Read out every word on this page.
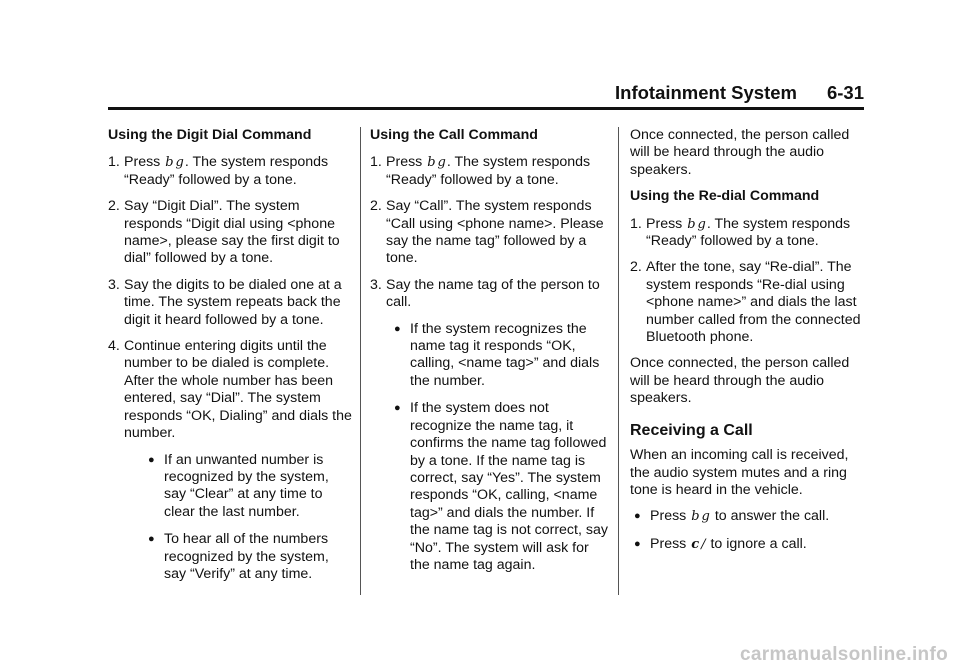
Infotainment System 6-31
Using the Digit Dial Command
1. Press b g. The system responds “Ready” followed by a tone.
2. Say “Digit Dial”. The system responds “Digit dial using <phone name>, please say the first digit to dial” followed by a tone.
3. Say the digits to be dialed one at a time. The system repeats back the digit it heard followed by a tone.
4. Continue entering digits until the number to be dialed is complete. After the whole number has been entered, say “Dial”. The system responds “OK, Dialing” and dials the number.
● If an unwanted number is recognized by the system, say “Clear” at any time to clear the last number.
● To hear all of the numbers recognized by the system, say “Verify” at any time.
Using the Call Command
1. Press b g. The system responds “Ready” followed by a tone.
2. Say “Call”. The system responds “Call using <phone name>. Please say the name tag” followed by a tone.
3. Say the name tag of the person to call.
● If the system recognizes the name tag it responds “OK, calling, <name tag>” and dials the number.
● If the system does not recognize the name tag, it confirms the name tag followed by a tone. If the name tag is correct, say “Yes”. The system responds “OK, calling, <name tag>” and dials the number. If the name tag is not correct, say “No”. The system will ask for the name tag again.

Once connected, the person called will be heard through the audio speakers.

Using the Re-dial Command
1. Press b g. The system responds “Ready” followed by a tone.
2. After the tone, say “Re-dial”. The system responds “Re-dial using <phone name>” and dials the last number called from the connected Bluetooth phone.

Once connected, the person called will be heard through the audio speakers.

Receiving a Call

When an incoming call is received, the audio system mutes and a ring tone is heard in the vehicle.

● Press b g to answer the call.
● Press c ∕ to ignore a call.
carmanualsonline.info
